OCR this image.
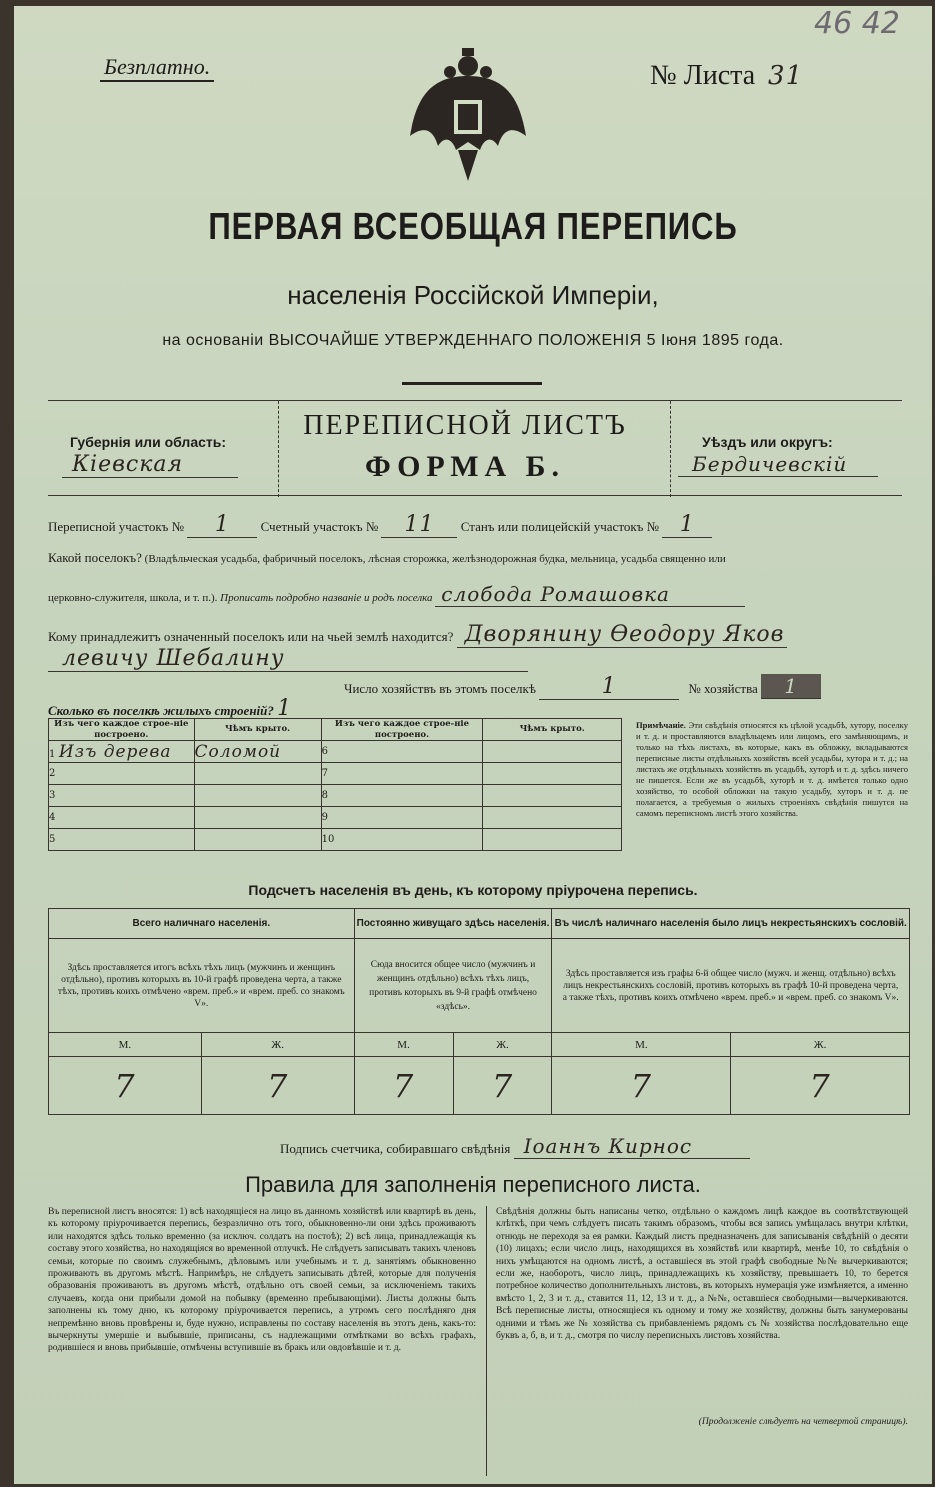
Безплатно.
46 42
№ Листа 31
ПЕРВАЯ ВСЕОБЩАЯ ПЕРЕПИСЬ
населенія Россійской Имперіи,
на основаніи ВЫСОЧАЙШЕ УТВЕРЖДЕННАГО ПОЛОЖЕНІЯ 5 Іюня 1895 года.
Губернія или область:
Кіевская
ПЕРЕПИСНОЙ ЛИСТЪ
ФОРМА Б.
Уѣздъ или округъ:
Бердичевскій
Переписной участокъ № 1 Счетный участокъ № 11 Станъ или полицейскій участокъ № 1
Какой поселокъ? (Владѣльческая усадьба, фабричный поселокъ, лѣсная сторожка, желѣзнодорожная будка, мельница, усадьба священно или
церковно-служителя, школа, и т. п.). Прописать подробно названіе и родъ поселка слобода Ромашовка
Кому принадлежитъ означенный поселокъ или на чьей землѣ находится? Дворянину Өеодору Яков
левичу Шебалину
Число хозяйствъ въ этомъ поселкѣ	1	№ хозяйства 1
Сколько въ поселкѣ жилыхъ строеній? 1
Изъ чего каждое строе-ніе построено.	Чѣмъ крыто.	Изъ чего каждое строе-ніе построено.	Чѣмъ крыто.
1 Изъ дерева	Соломой	6	
2		7	
3		8	
4		9	
5		10	
Примѣчаніе. Эти свѣдѣнія относятся къ цѣлой усадьбѣ, хутору, поселку и т. д. и проставляются владѣльцемъ или лицомъ, его замѣняющимъ, и только на тѣхъ листахъ, въ которые, какъ въ обложку, вкладываются переписные листы отдѣльныхъ хозяйствъ всей усадьбы, хутора и т. д.; на листахъ же отдѣльныхъ хозяйствъ въ усадьбѣ, хуторѣ и т. д. здѣсь ничего не пишется. Если же въ усадьбѣ, хуторѣ и т. д. имѣется только одно хозяйство, то особой обложки на такую усадьбу, хуторъ и т. д. не полагается, а требуемыя о жилыхъ строеніяхъ свѣдѣнія пишутся на самомъ переписномъ листѣ этого хозяйства.
Подсчетъ населенія въ день, къ которому пріурочена перепись.
Всего наличнаго населенія.		Постоянно живущаго здѣсь населенія.		Въ числѣ наличнаго населенія было лицъ некрестьянскихъ сословій.	
Здѣсь проставляется итогъ всѣхъ тѣхъ лицъ (мужчинъ и женщинъ отдѣльно), противъ которыхъ въ 10-й графѣ проведена черта, а также тѣхъ, противъ коихъ отмѣчено «врем. преб.» и «врем. преб. со знакомъ V».		Сюда вносится общее число (мужчинъ и женщинъ отдѣльно) всѣхъ тѣхъ лицъ, противъ которыхъ въ 9-й графѣ отмѣчено «здѣсь».		Здѣсь проставляется изъ графы 6-й общее число (мужч. и женщ. отдѣльно) всѣхъ лицъ некрестьянскихъ сословій, противъ которыхъ въ графѣ 10-й проведена черта, а также тѣхъ, противъ коихъ отмѣчено «врем. преб.» и «врем. преб. со знакомъ V».	
М.	Ж.	М.	Ж.	М.	Ж.
7	7	7	7	7	7
Подпись счетчика, собиравшаго свѣдѣнія Іоаннъ Кирнос
Правила для заполненія переписного листа.
Въ переписной листъ вносятся: 1) всѣ находящіеся на лицо въ данномъ хозяйствѣ или квартирѣ въ день, къ которому пріурочивается перепись, безразлично отъ того, обыкновенно-ли они здѣсь проживаютъ или находятся здѣсь только временно (за исключ. солдатъ на постоѣ); 2) всѣ лица, принадлежащія къ составу этого хозяйства, но находящіяся во временной отлучкѣ. Не слѣдуетъ записывать такихъ членовъ семьи, которые по своимъ служебнымъ, дѣловымъ или учебнымъ и т. д. занятіямъ обыкновенно проживаютъ въ другомъ мѣстѣ. Напримѣръ, не слѣдуетъ записывать дѣтей, которые для полученія образованія проживаютъ въ другомъ мѣстѣ, отдѣльно отъ своей семьи, за исключеніемъ такихъ случаевъ, когда они прибыли домой на побывку (временно пребывающіми). Листы должны быть заполнены къ тому дню, къ которому пріурочивается перепись, а утромъ сего послѣдняго дня непремѣнно вновь провѣрены и, буде нужно, исправлены по составу населенія въ этотъ день, какъ-то: вычеркнуты умершіе и выбывшіе, приписаны, съ надлежащими отмѣтками во всѣхъ графахъ, родившіеся и вновь прибывшіе, отмѣчены вступившіе въ бракъ или овдовѣвшіе и т. д.
Свѣдѣнія должны быть написаны четко, отдѣльно о каждомъ лицѣ каждое въ соотвѣтствующей клѣткѣ, при чемъ слѣдуетъ писать такимъ образомъ, чтобы вся запись умѣщалась внутри клѣтки, отнюдь не переходя за ея рамки. Каждый листъ предназначенъ для записыванія свѣдѣній о десяти (10) лицахъ; если число лицъ, находящихся въ хозяйствѣ или квартирѣ, менѣе 10, то свѣдѣнія о нихъ умѣщаются на одномъ листѣ, а оставшіеся въ этой графѣ свободные №№ вычеркиваются; если же, наоборотъ, число лицъ, принадлежащихъ къ хозяйству, превышаетъ 10, то берется потребное количество дополнительныхъ листовъ, въ которыхъ нумерація уже измѣняется, а именно вмѣсто 1, 2, 3 и т. д., ставится 11, 12, 13 и т. д., а №№, оставшіеся свободными—вычеркиваются. Всѣ переписные листы, относящіеся къ одному и тому же хозяйству, должны быть занумерованы одними и тѣмъ же № хозяйства съ прибавленіемъ рядомъ съ № хозяйства послѣдовательно еще буквъ а, б, в, и т. д., смотря по числу переписныхъ листовъ хозяйства.
(Продолженіе слѣдуетъ на четвертой страницѣ).
